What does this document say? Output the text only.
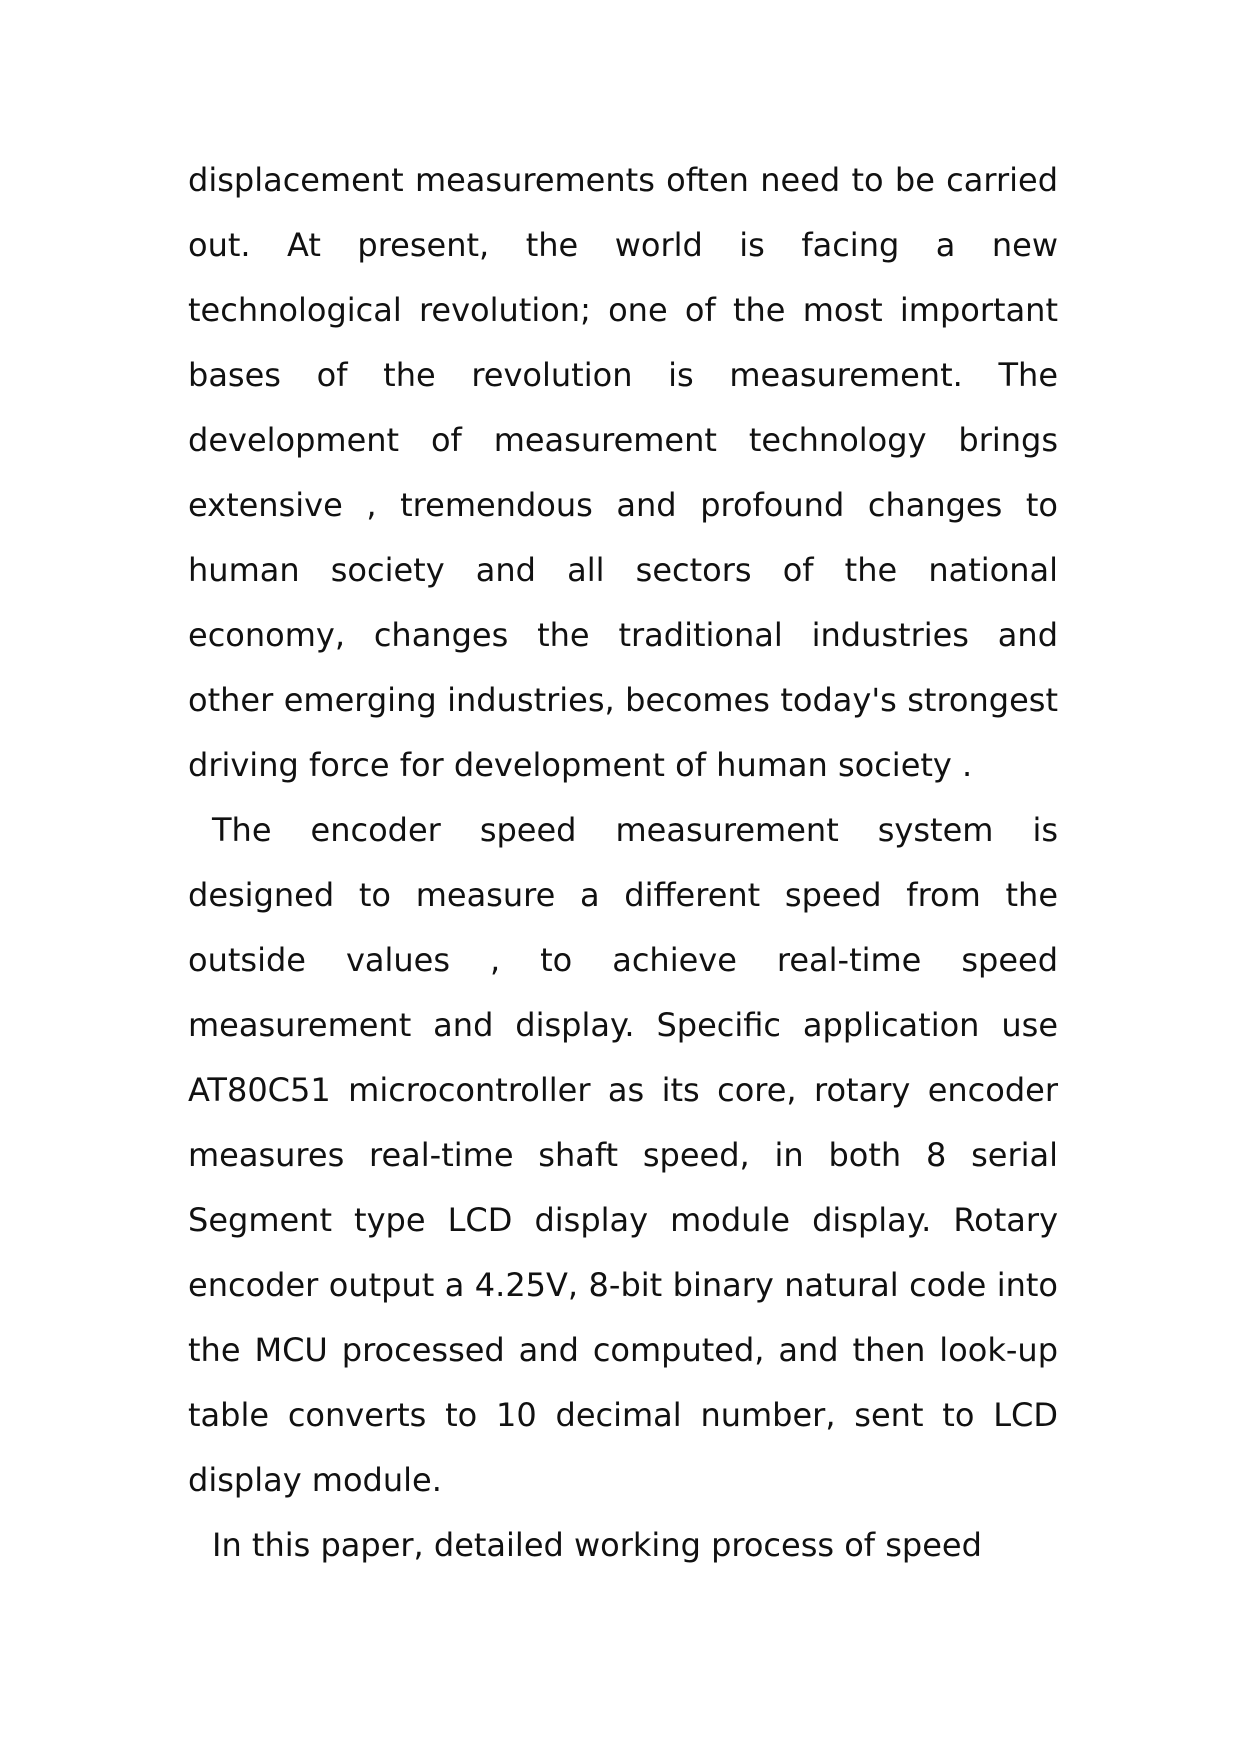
displacement measurements often need to be carried out. At present, the world is facing a new technological revolution; one of the most important bases of the revolution is measurement. The development of measurement technology brings extensive , tremendous and profound changes to human society and all sectors of the national economy, changes the traditional industries and other emerging industries, becomes today's strongest driving force for development of human society .

The encoder speed measurement system is designed to measure a different speed from the outside values , to achieve real-time speed measurement and display. Specific application use AT80C51 microcontroller as its core, rotary encoder measures real-time shaft speed, in both 8 serial Segment type LCD display module display. Rotary encoder output a 4.25V, 8-bit binary natural code into the MCU processed and computed, and then look-up table converts to 10 decimal number, sent to LCD display module.

In this paper, detailed working process of speed
